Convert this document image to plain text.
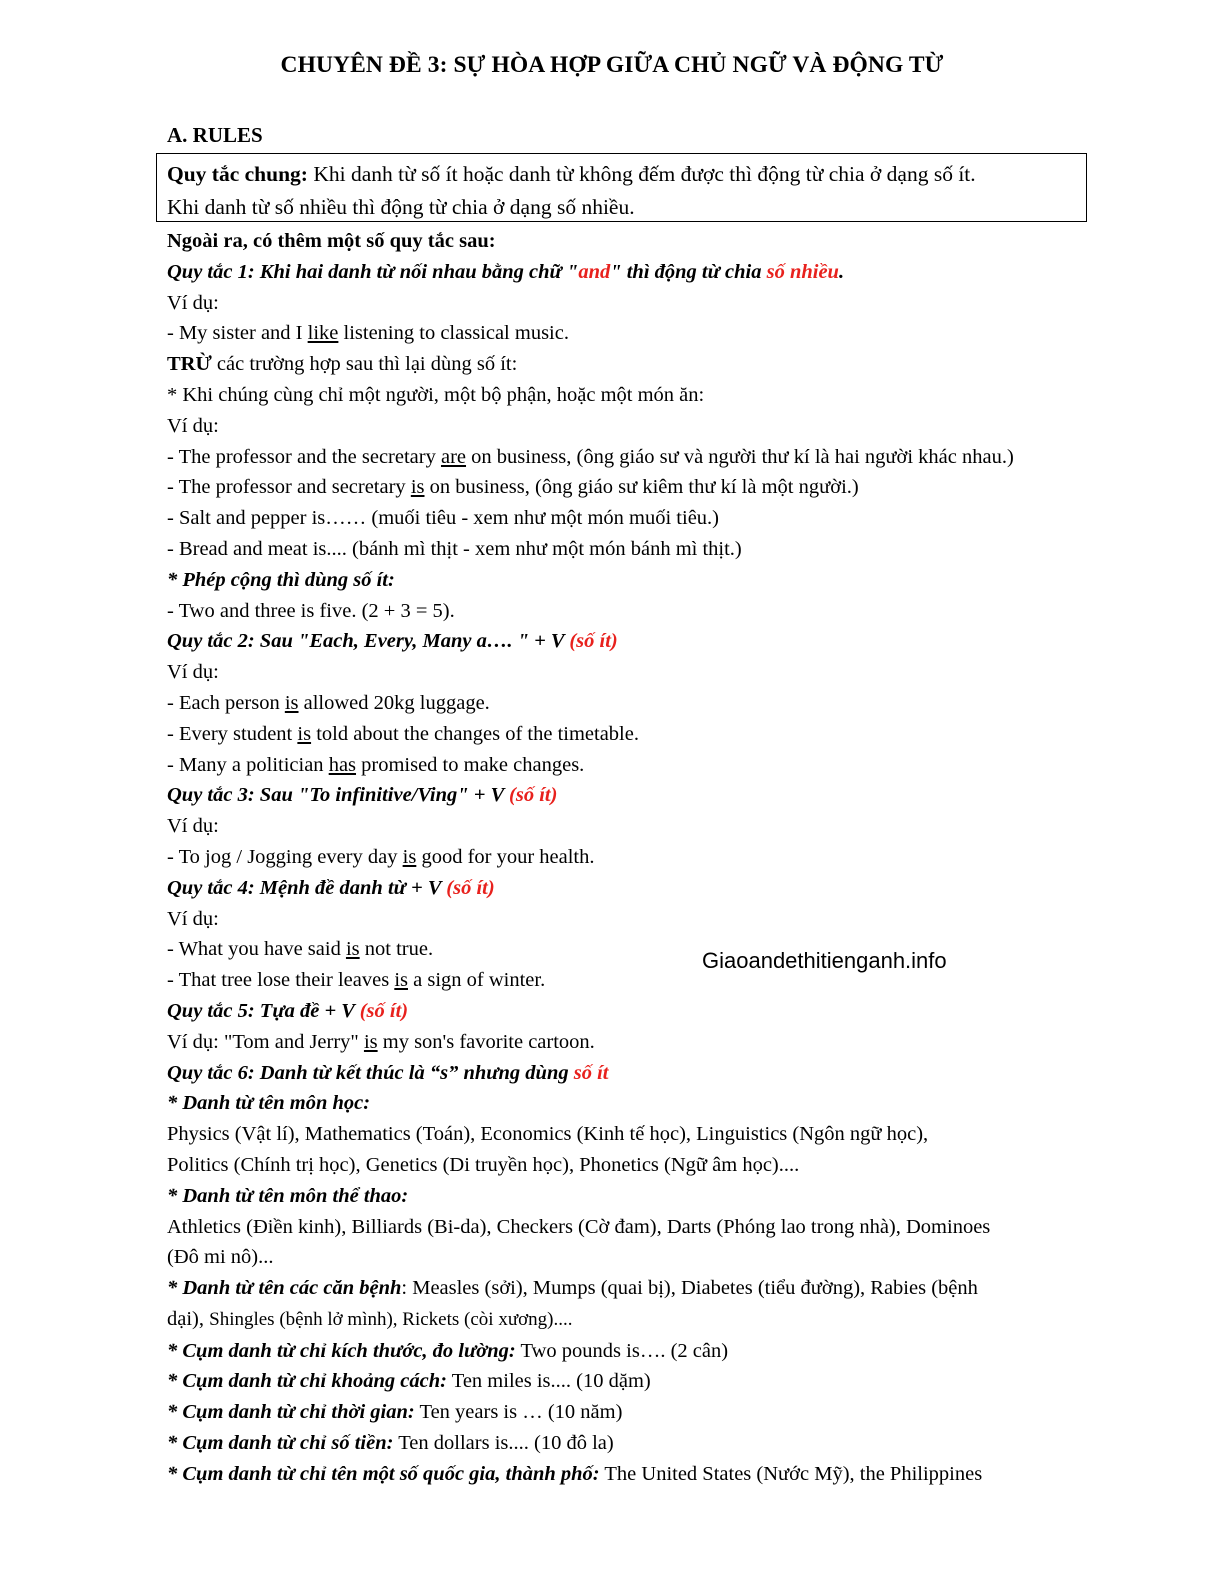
CHUYÊN ĐỀ 3: SỰ HÒA HỢP GIỮA CHỦ NGỮ VÀ ĐỘNG TỪ
A. RULES
Quy tắc chung: Khi danh từ số ít hoặc danh từ không đếm được thì động từ chia ở dạng số ít.
Khi danh từ số nhiều thì động từ chia ở dạng số nhiều.
Ngoài ra, có thêm một số quy tắc sau:
Quy tắc 1: Khi hai danh từ nối nhau bằng chữ "and" thì động từ chia số nhiều.
Ví dụ:
- My sister and I like listening to classical music.
TRỪ các trường hợp sau thì lại dùng số ít:
* Khi chúng cùng chỉ một người, một bộ phận, hoặc một món ăn:
Ví dụ:
- The professor and the secretary are on business, (ông giáo sư và người thư kí là hai người khác nhau.)
- The professor and secretary is on business, (ông giáo sư kiêm thư kí là một người.)
- Salt and pepper is…… (muối tiêu - xem như một món muối tiêu.)
- Bread and meat is.... (bánh mì thịt - xem như một món bánh mì thịt.)
* Phép cộng thì dùng số ít:
- Two and three is five. (2 + 3 = 5).
Quy tắc 2: Sau "Each, Every, Many a…. " + V (số ít)
Ví dụ:
- Each person is allowed 20kg luggage.
- Every student is told about the changes of the timetable.
- Many a politician has promised to make changes.
Quy tắc 3: Sau "To infinitive/Ving" + V (số ít)
Ví dụ:
- To jog / Jogging every day is good for your health.
Quy tắc 4: Mệnh đề danh từ + V (số ít)
Ví dụ:
- What you have said is not true.
- That tree lose their leaves is a sign of winter.
Quy tắc 5: Tựa đề + V (số ít)
Ví dụ: "Tom and Jerry" is my son's favorite cartoon.
Quy tắc 6: Danh từ kết thúc là “s” nhưng dùng số ít
* Danh từ tên môn học:
Physics (Vật lí), Mathematics (Toán), Economics (Kinh tế học), Linguistics (Ngôn ngữ học),
Politics (Chính trị học), Genetics (Di truyền học), Phonetics (Ngữ âm học)....
* Danh từ tên môn thể thao:
Athletics (Điền kinh), Billiards (Bi-da), Checkers (Cờ đam), Darts (Phóng lao trong nhà), Dominoes
(Đô mi nô)...
* Danh từ tên các căn bệnh: Measles (sởi), Mumps (quai bị), Diabetes (tiểu đường), Rabies (bệnh
dại), Shingles (bệnh lở mình), Rickets (còi xương)....
* Cụm danh từ chỉ kích thước, đo lường: Two pounds is…. (2 cân)
* Cụm danh từ chỉ khoảng cách: Ten miles is.... (10 dặm)
* Cụm danh từ chỉ thời gian: Ten years is … (10 năm)
* Cụm danh từ chỉ số tiền: Ten dollars is.... (10 đô la)
* Cụm danh từ chỉ tên một số quốc gia, thành phố: The United States (Nước Mỹ), the Philippines
Giaoandethitienganh.info
